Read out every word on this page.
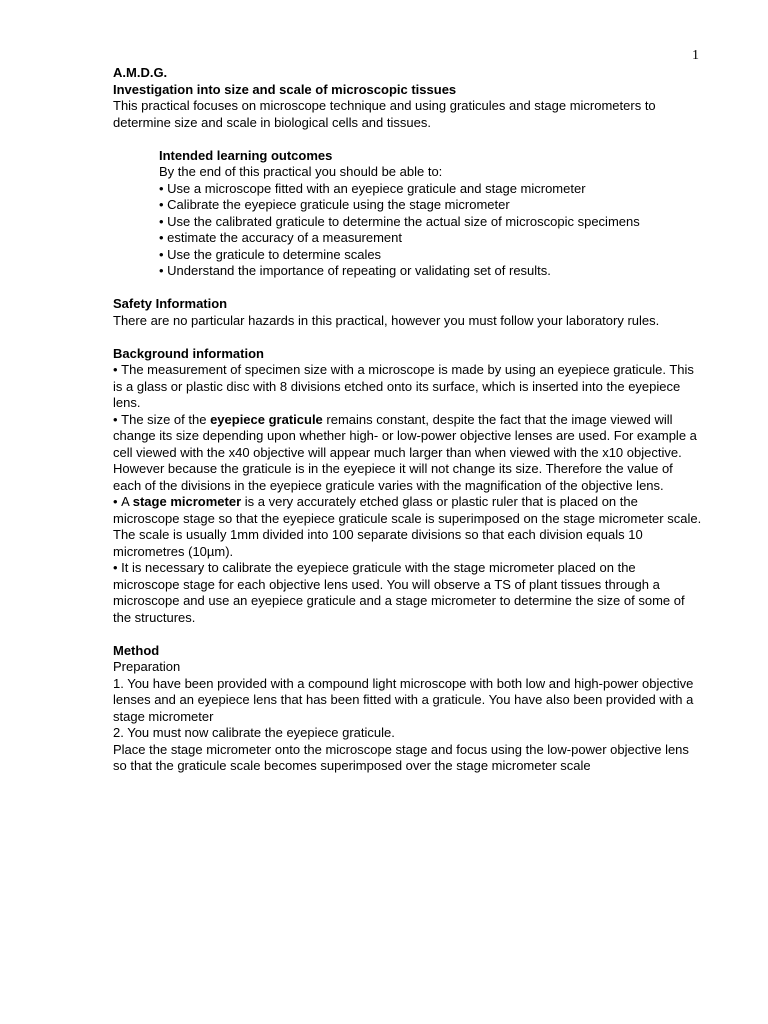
1

A.M.D.G.

Investigation into size and scale of microscopic tissues

This practical focuses on microscope technique and using graticules and stage micrometers to determine size and scale in biological cells and tissues.

Intended learning outcomes

By the end of this practical you should be able to:

• Use a microscope fitted with an eyepiece graticule and stage micrometer

• Calibrate the eyepiece graticule using the stage micrometer

• Use the calibrated graticule to determine the actual size of microscopic specimens

• estimate the accuracy of a measurement

• Use the graticule to determine scales

• Understand the importance of repeating or validating set of results.

Safety Information

There are no particular hazards in this practical, however you must follow your laboratory rules.

Background information

• The measurement of specimen size with a microscope is made by using an eyepiece graticule. This is a glass or plastic disc with 8 divisions etched onto its surface, which is inserted into the eyepiece lens.

• The size of the eyepiece graticule remains constant, despite the fact that the image viewed will change its size depending upon whether high- or low-power objective lenses are used. For example a cell viewed with the x40 objective will appear much larger than when viewed with the x10 objective. However because the graticule is in the eyepiece it will not change its size. Therefore the value of each of the divisions in the eyepiece graticule varies with the magnification of the objective lens.

• A stage micrometer is a very accurately etched glass or plastic ruler that is placed on the microscope stage so that the eyepiece graticule scale is superimposed on the stage micrometer scale. The scale is usually 1mm divided into 100 separate divisions so that each division equals 10 micrometres (10µm).

• It is necessary to calibrate the eyepiece graticule with the stage micrometer placed on the microscope stage for each objective lens used. You will observe a TS of plant tissues through a microscope and use an eyepiece graticule and a stage micrometer to determine the size of some of the structures.

Method

Preparation

1. You have been provided with a compound light microscope with both low and high-power objective lenses and an eyepiece lens that has been fitted with a graticule. You have also been provided with a stage micrometer

2. You must now calibrate the eyepiece graticule.

Place the stage micrometer onto the microscope stage and focus using the low-power objective lens so that the graticule scale becomes superimposed over the stage micrometer scale
